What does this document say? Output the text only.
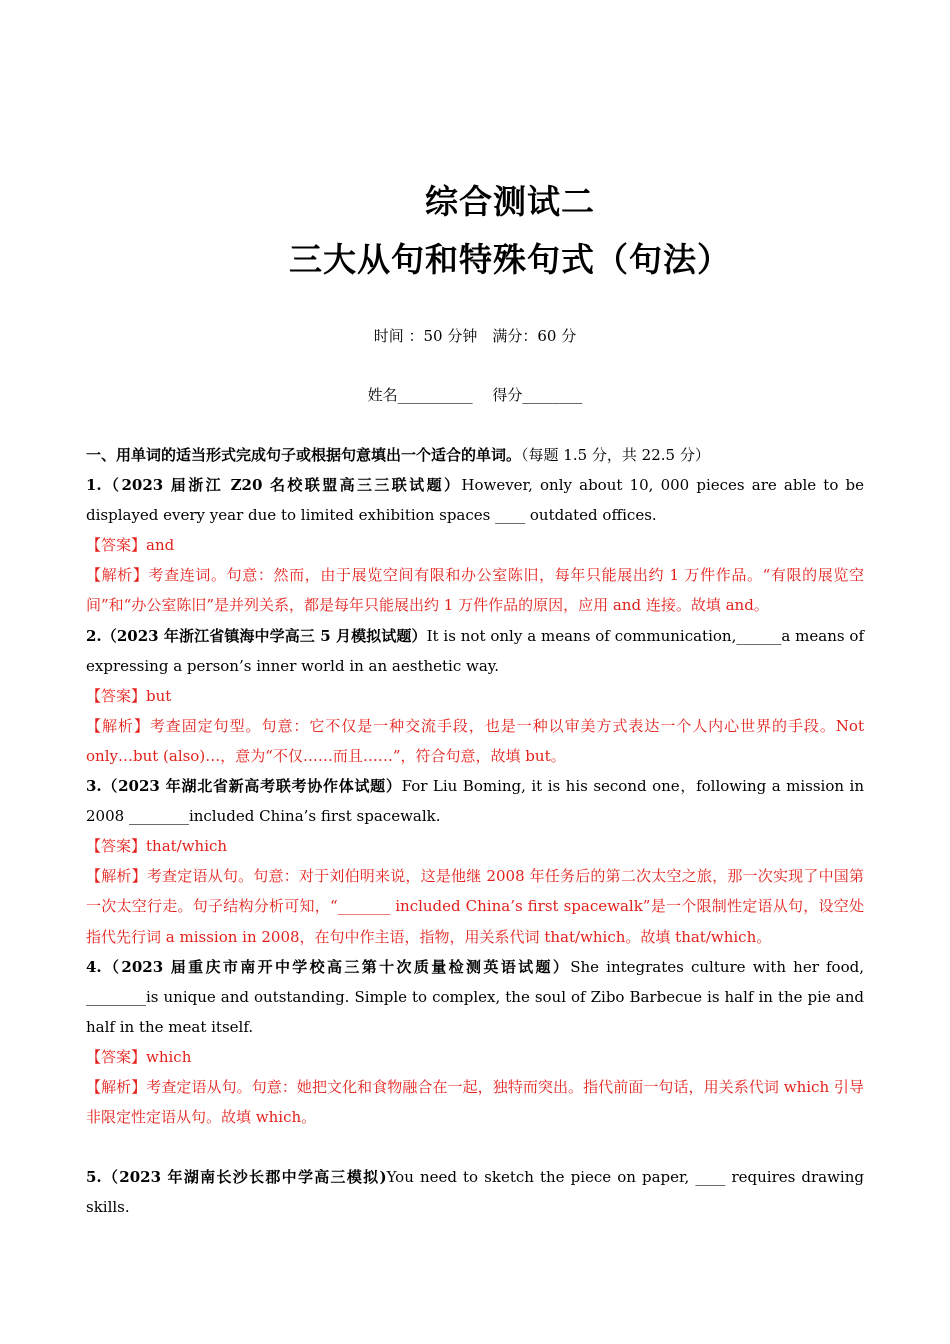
综合测试二
三大从句和特殊句式（句法）
时间 ：50 分钟　满分：60 分
姓名__________　 得分________

一、用单词的适当形式完成句子或根据句意填出一个适合的单词。（每题 1.5 分，共 22.5 分）

1.（2023 届浙江 Z20 名校联盟高三三联试题）However, only about 10, 000 pieces are able to be displayed every year due to limited exhibition spaces ____ outdated offices.

【答案】and

【解析】考查连词。句意：然而，由于展览空间有限和办公室陈旧，每年只能展出约 1 万件作品。“有限的展览空间”和“办公室陈旧”是并列关系，都是每年只能展出约 1 万件作品的原因，应用 and 连接。故填 and。

2.（2023 年浙江省镇海中学高三 5 月模拟试题）It is not only a means of communication,______a means of expressing a person’s inner world in an aesthetic way.

【答案】but

【解析】考查固定句型。句意：它不仅是一种交流手段，也是一种以审美方式表达一个人内心世界的手段。Not only…but (also)…，意为“不仅……而且……”，符合句意，故填 but。

3.（2023 年湖北省新高考联考协作体试题）For Liu Boming, it is his second one，following a mission in 2008 ________included China’s first spacewalk.

【答案】that/which

【解析】考查定语从句。句意：对于刘伯明来说，这是他继 2008 年任务后的第二次太空之旅，那一次实现了中国第一次太空行走。句子结构分析可知，“_______ included China’s first spacewalk”是一个限制性定语从句，设空处指代先行词 a mission in 2008，在句中作主语，指物，用关系代词 that/which。故填 that/which。

4.（2023 届重庆市南开中学校高三第十次质量检测英语试题）She integrates culture with her food, ________is unique and outstanding. Simple to complex, the soul of Zibo Barbecue is half in the pie and half in the meat itself.

【答案】which

【解析】考查定语从句。句意：她把文化和食物融合在一起，独特而突出。指代前面一句话，用关系代词 which 引导非限定性定语从句。故填 which。

5.（2023 年湖南长沙长郡中学高三模拟)You need to sketch the piece on paper, ____ requires drawing skills.
